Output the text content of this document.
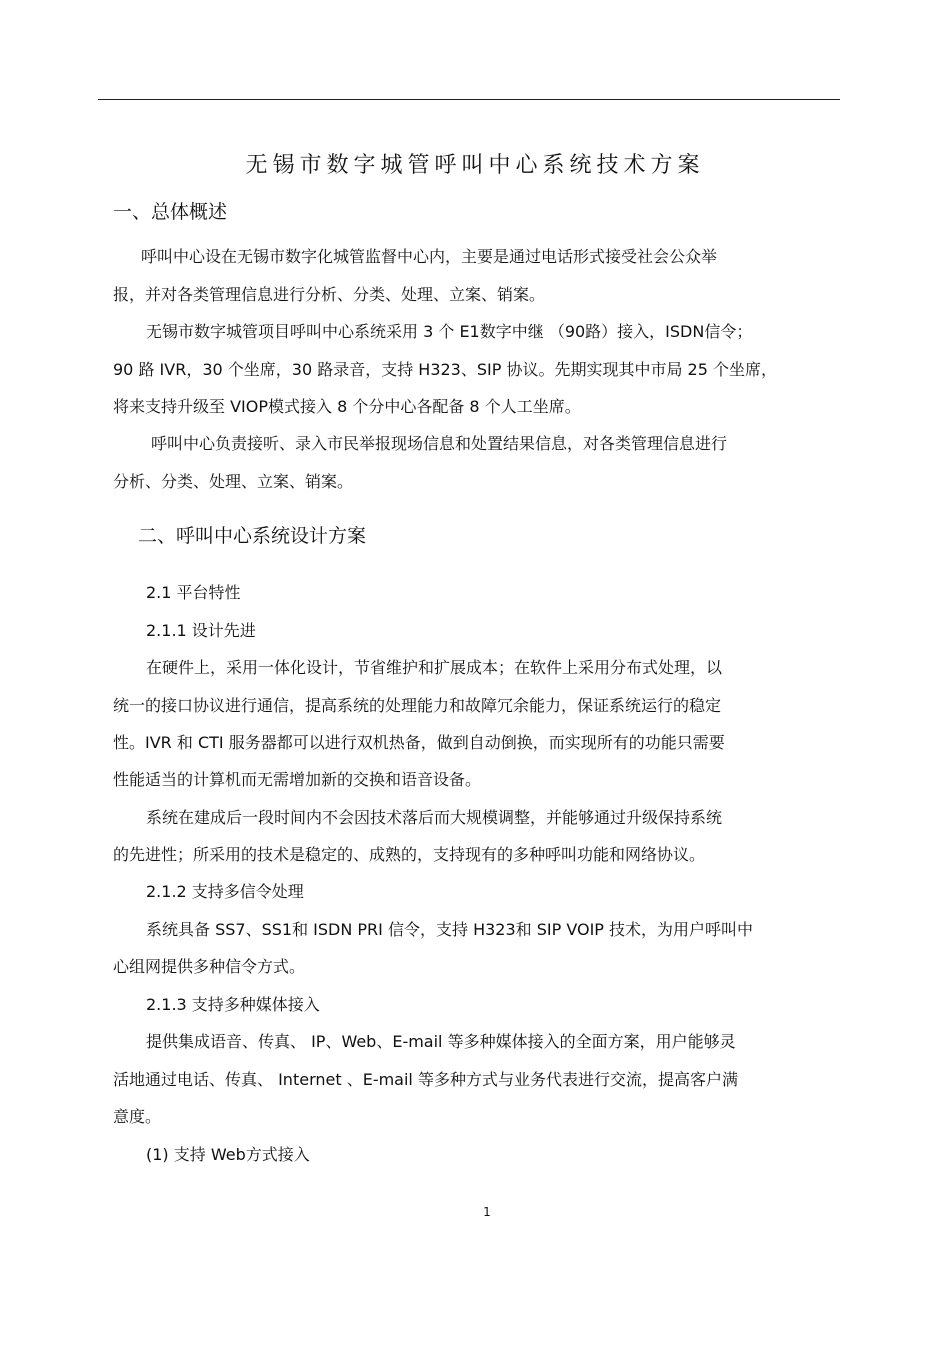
无锡市数字城管呼叫中心系统技术方案
一、总体概述
呼叫中心设在无锡市数字化城管监督中心内，主要是通过电话形式接受社会公众举
报，并对各类管理信息进行分析、分类、处理、立案、销案。
无锡市数字城管项目呼叫中心系统采用 3 个 E1数字中继 （90路）接入，ISDN信令；
90 路 IVR，30 个坐席，30 路录音，支持 H323、SIP 协议。先期实现其中市局 25 个坐席，
将来支持升级至 VIOP模式接入 8 个分中心各配备 8 个人工坐席。
呼叫中心负责接听、录入市民举报现场信息和处置结果信息，对各类管理信息进行
分析、分类、处理、立案、销案。
二、呼叫中心系统设计方案
2.1 平台特性
2.1.1 设计先进
在硬件上，采用一体化设计，节省维护和扩展成本；在软件上采用分布式处理，以
统一的接口协议进行通信，提高系统的处理能力和故障冗余能力，保证系统运行的稳定
性。IVR 和 CTI 服务器都可以进行双机热备，做到自动倒换，而实现所有的功能只需要
性能适当的计算机而无需增加新的交换和语音设备。
系统在建成后一段时间内不会因技术落后而大规模调整，并能够通过升级保持系统
的先进性；所采用的技术是稳定的、成熟的，支持现有的多种呼叫功能和网络协议。
2.1.2 支持多信令处理
系统具备 SS7、SS1和 ISDN PRI 信令，支持 H323和 SIP VOIP 技术，为用户呼叫中
心组网提供多种信令方式。
2.1.3 支持多种媒体接入
提供集成语音、传真、 IP、Web、E-mail 等多种媒体接入的全面方案，用户能够灵
活地通过电话、传真、 Internet 、E-mail 等多种方式与业务代表进行交流，提高客户满
意度。
(1) 支持 Web方式接入
1
